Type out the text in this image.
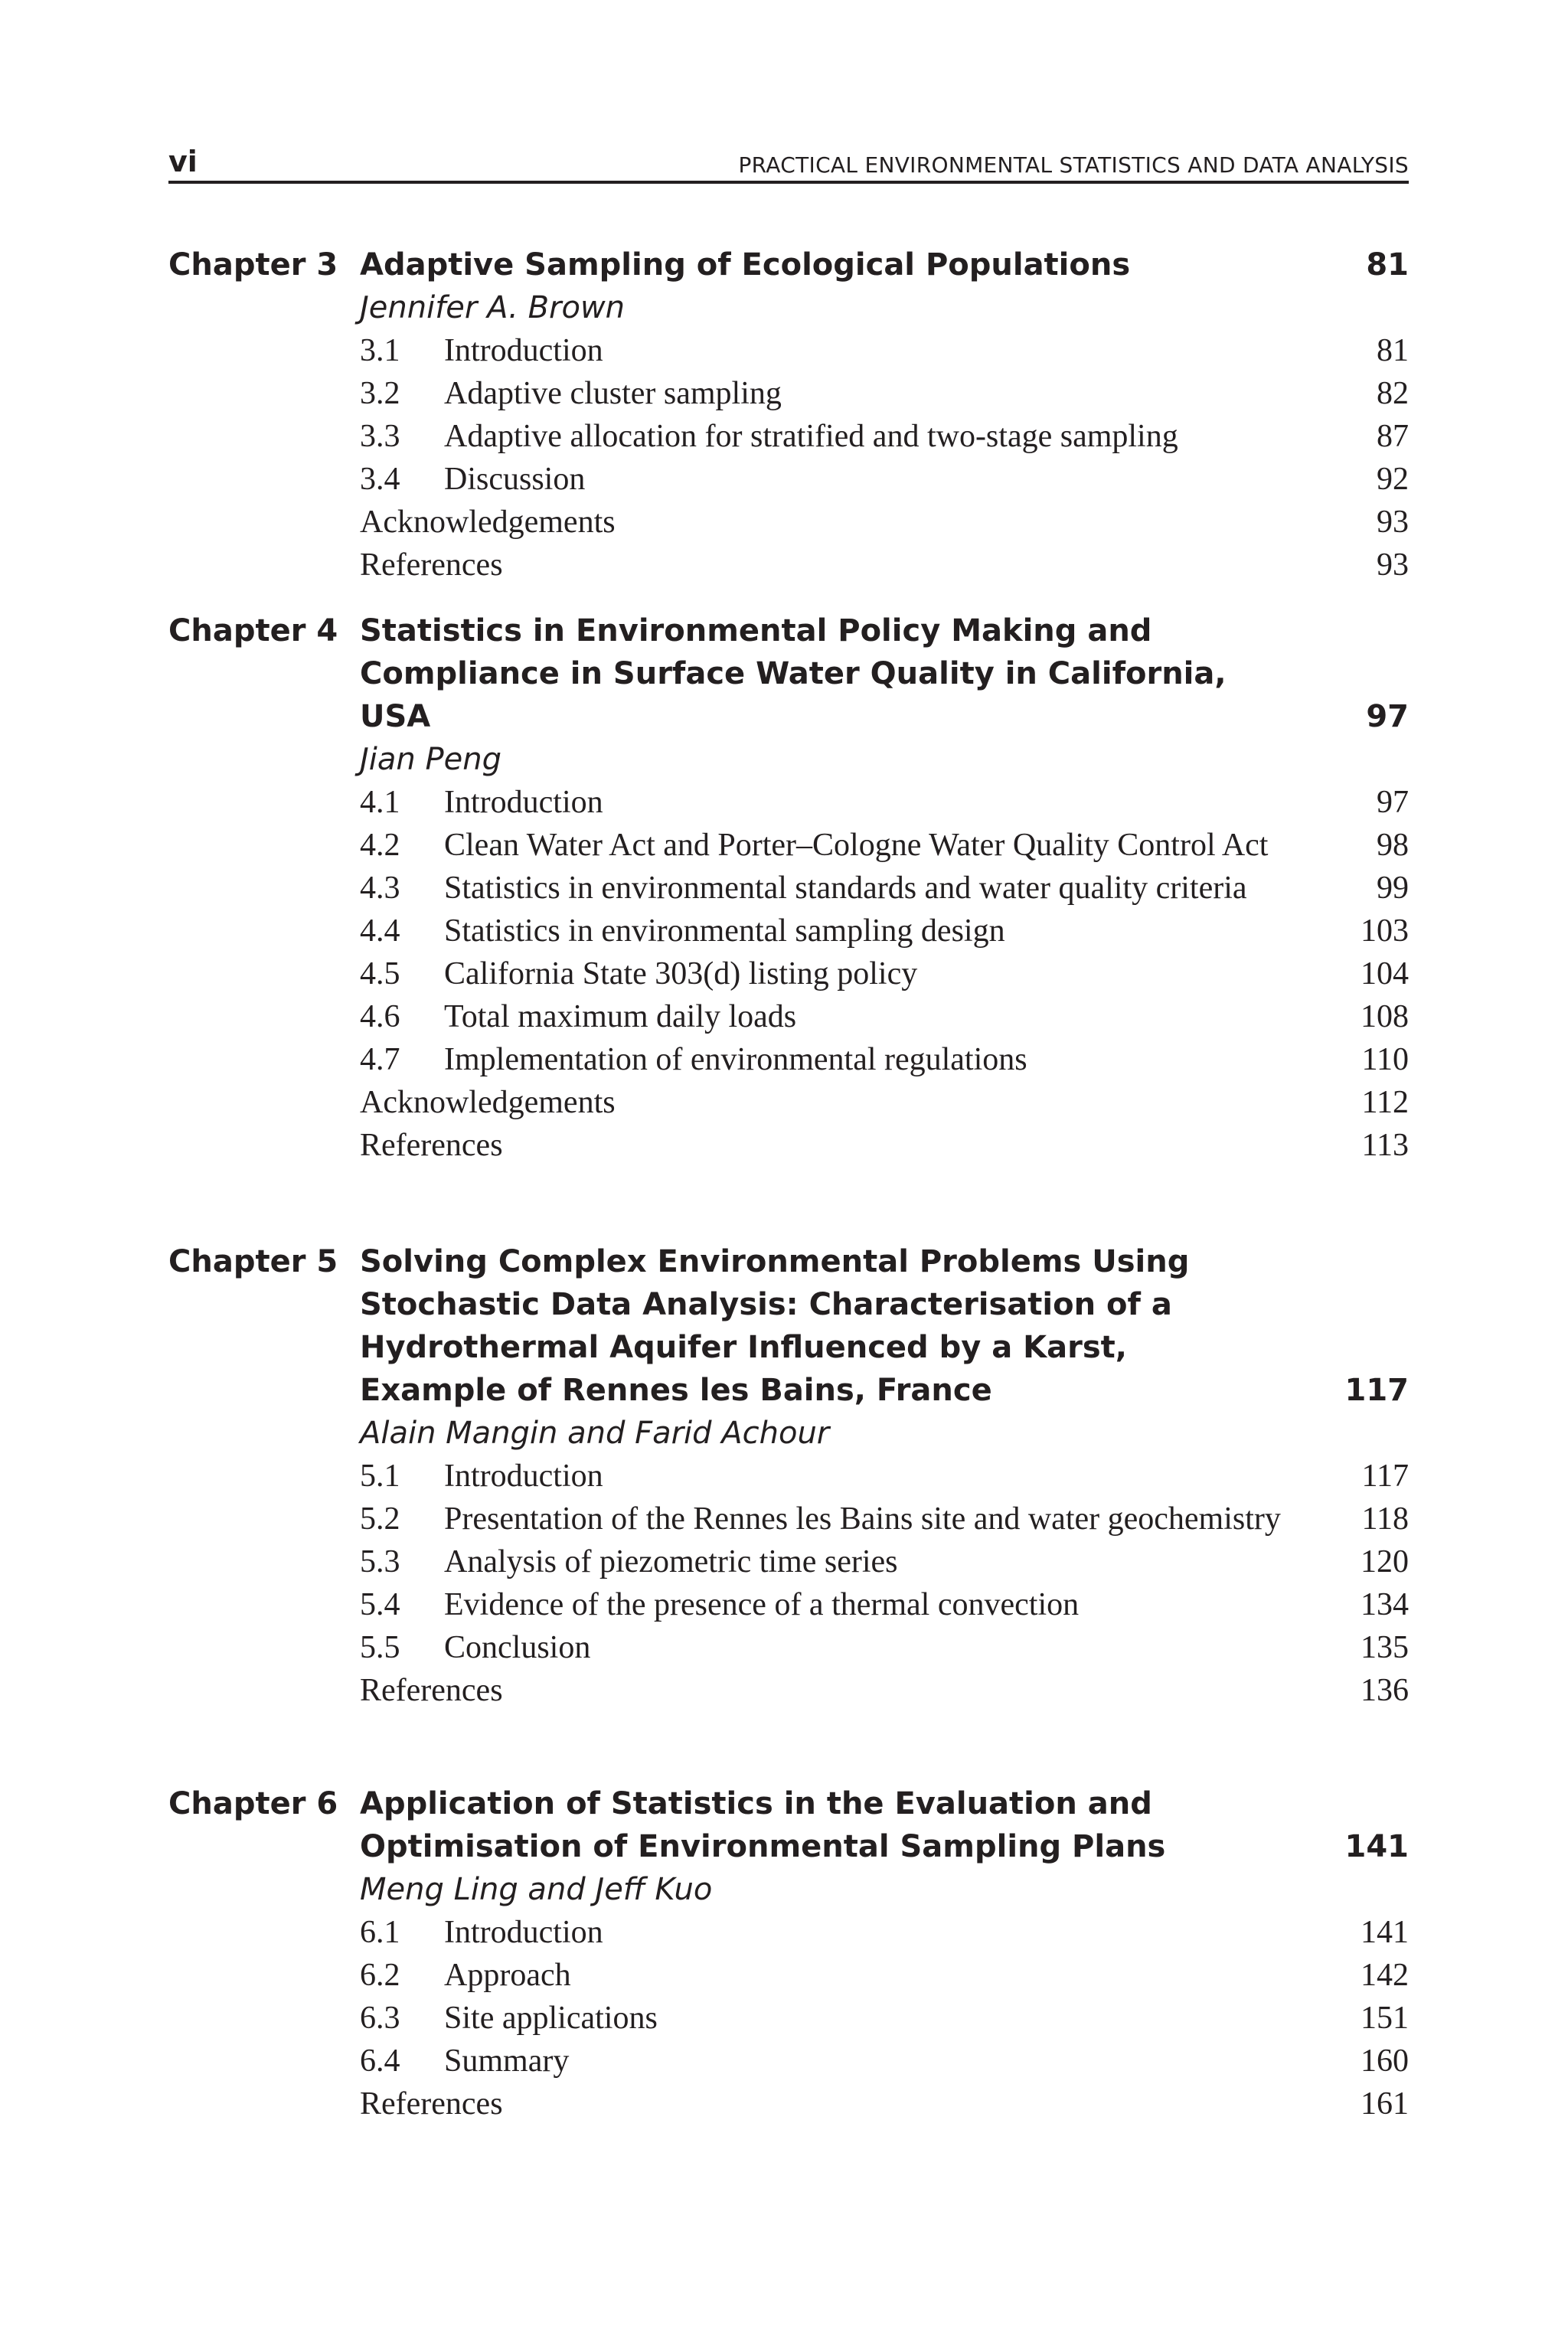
vi	PRACTICAL ENVIRONMENTAL STATISTICS AND DATA ANALYSIS
Chapter 3 Adaptive Sampling of Ecological Populations	81
Jennifer A. Brown
3.1 Introduction	81
3.2 Adaptive cluster sampling	82
3.3 Adaptive allocation for stratified and two-stage sampling	87
3.4 Discussion	92
Acknowledgements	93
References	93
Chapter 4 Statistics in Environmental Policy Making and
Compliance in Surface Water Quality in California, USA	97
Jian Peng
4.1 Introduction	97
4.2 Clean Water Act and Porter–Cologne Water Quality Control Act	98
4.3 Statistics in environmental standards and water quality criteria	99
4.4 Statistics in environmental sampling design	103
4.5 California State 303(d) listing policy	104
4.6 Total maximum daily loads	108
4.7 Implementation of environmental regulations	110
Acknowledgements	112
References	113
Chapter 5 Solving Complex Environmental Problems Using
Stochastic Data Analysis: Characterisation of a
Hydrothermal Aquifer Influenced by a Karst,
Example of Rennes les Bains, France	117
Alain Mangin and Farid Achour
5.1 Introduction	117
5.2 Presentation of the Rennes les Bains site and water geochemistry	118
5.3 Analysis of piezometric time series	120
5.4 Evidence of the presence of a thermal convection	134
5.5 Conclusion	135
References	136
Chapter 6 Application of Statistics in the Evaluation and
Optimisation of Environmental Sampling Plans	141
Meng Ling and Jeff Kuo
6.1 Introduction	141
6.2 Approach	142
6.3 Site applications	151
6.4 Summary	160
References	161
